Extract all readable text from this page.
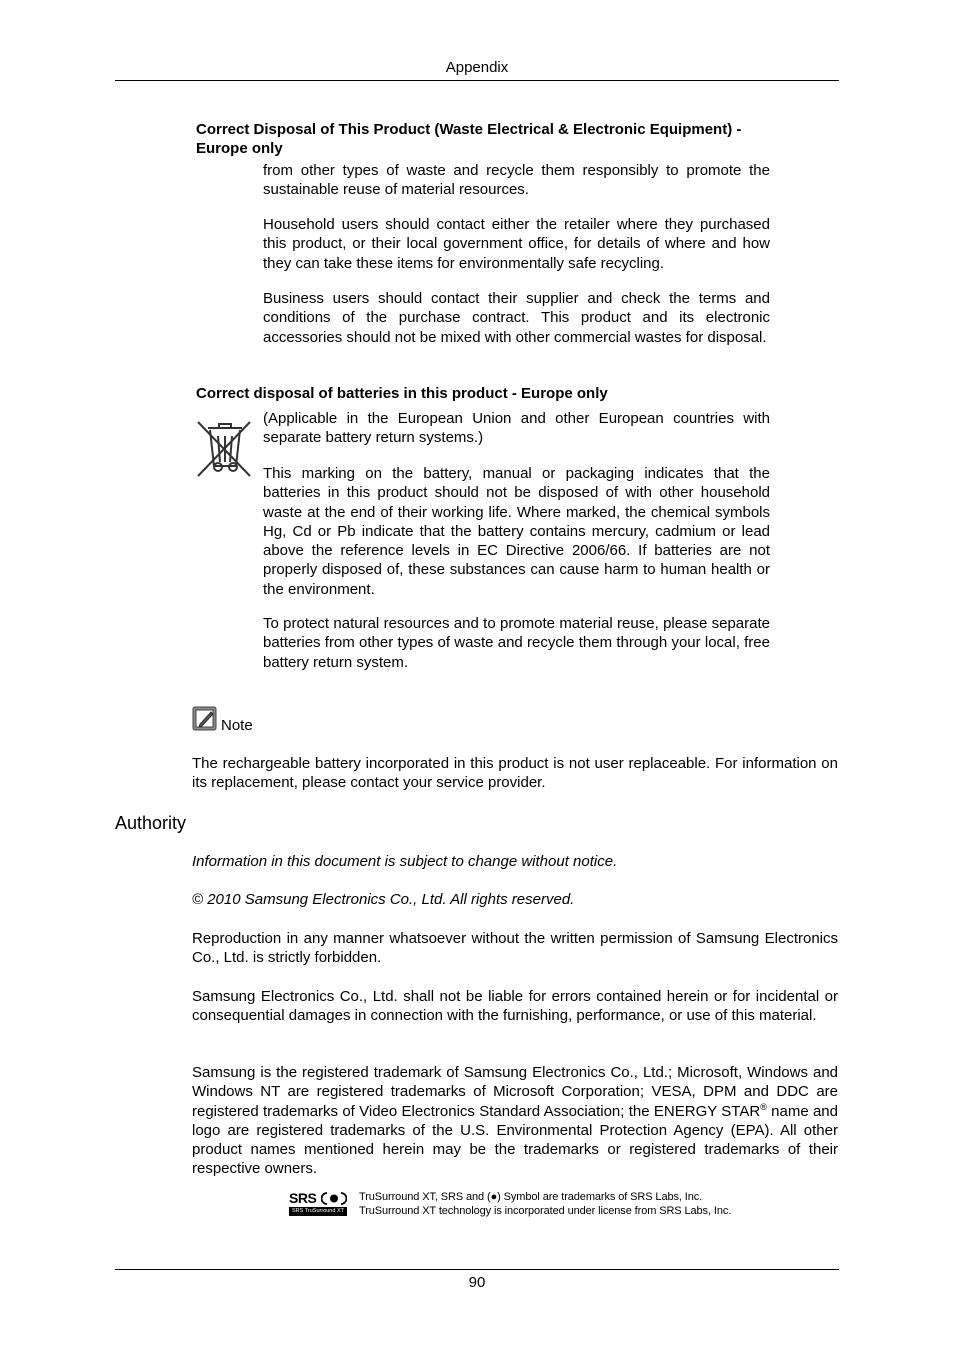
Appendix
Correct Disposal of This Product (Waste Electrical & Electronic Equipment) - Europe only
from other types of waste and recycle them responsibly to promote the sustainable reuse of material resources.
Household users should contact either the retailer where they purchased this product, or their local government office, for details of where and how they can take these items for environmentally safe recycling.
Business users should contact their supplier and check the terms and conditions of the purchase contract. This product and its electronic accessories should not be mixed with other commercial wastes for disposal.
Correct disposal of batteries in this product - Europe only
(Applicable in the European Union and other European countries with separate battery return systems.)
This marking on the battery, manual or packaging indicates that the batteries in this product should not be disposed of with other household waste at the end of their working life. Where marked, the chemical symbols Hg, Cd or Pb indicate that the battery contains mercury, cadmium or lead above the reference levels in EC Directive 2006/66. If batteries are not properly disposed of, these substances can cause harm to human health or the environment.
To protect natural resources and to promote material reuse, please separate batteries from other types of waste and recycle them through your local, free battery return system.
Note
The rechargeable battery incorporated in this product is not user replaceable. For information on its replacement, please contact your service provider.
Authority
Information in this document is subject to change without notice.
© 2010 Samsung Electronics Co., Ltd. All rights reserved.
Reproduction in any manner whatsoever without the written permission of Samsung Electronics Co., Ltd. is strictly forbidden.
Samsung Electronics Co., Ltd. shall not be liable for errors contained herein or for incidental or consequential damages in connection with the furnishing, performance, or use of this material.
Samsung is the registered trademark of Samsung Electronics Co., Ltd.; Microsoft, Windows and Windows NT are registered trademarks of Microsoft Corporation; VESA, DPM and DDC are registered trademarks of Video Electronics Standard Association; the ENERGY STAR® name and logo are registered trademarks of the U.S. Environmental Protection Agency (EPA). All other product names mentioned herein may be the trademarks or registered trademarks of their respective owners.
SRS
SRS TruSurround XT
TruSurround XT, SRS and (●) Symbol are trademarks of SRS Labs, Inc.
TruSurround XT technology is incorporated under license from SRS Labs, Inc.
90
